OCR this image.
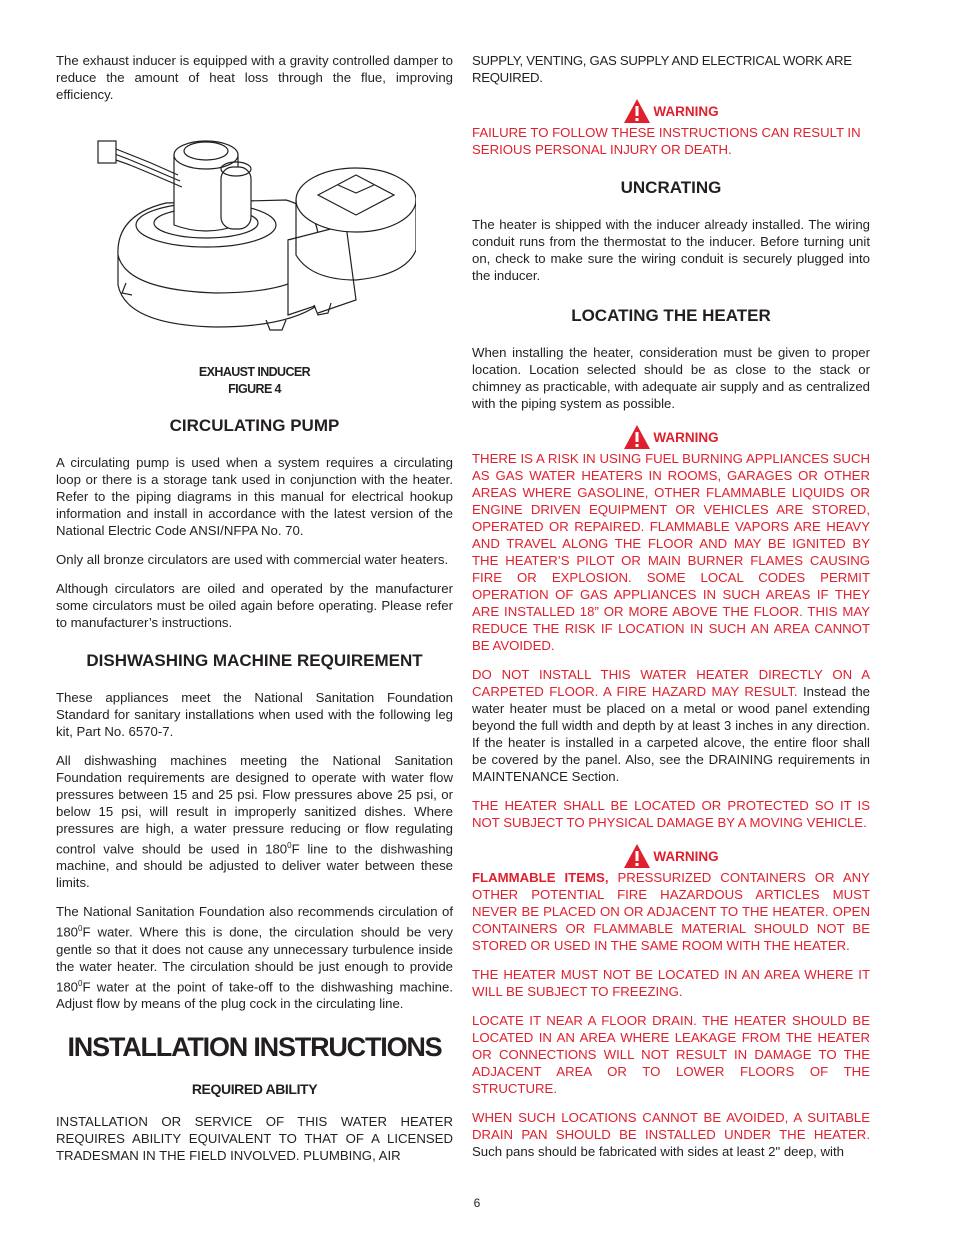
The exhaust inducer is equipped with a gravity controlled damper to reduce the amount of heat loss through the flue, improving efficiency.

EXHAUST INDUCER
FIGURE 4
CIRCULATING PUMP

A circulating pump is used when a system requires a circulating loop or there is a storage tank used in conjunction with the heater. Refer to the piping diagrams in this manual for electrical hookup information and install in accordance with the latest version of the National Electric Code ANSI/NFPA No. 70.

Only all bronze circulators are used with commercial water heaters.

Although circulators are oiled and operated by the manufacturer some circulators must be oiled again before operating. Please refer to manufacturer’s instructions.

DISHWASHING MACHINE REQUIREMENT

These appliances meet the National Sanitation Foundation Standard for sanitary installations when used with the following leg kit, Part No. 6570-7.

All dishwashing machines meeting the National Sanitation Foundation requirements are designed to operate with water flow pressures between 15 and 25 psi. Flow pressures above 25 psi, or below 15 psi, will result in improperly sanitized dishes. Where pressures are high, a water pressure reducing or flow regulating control valve should be used in $180^0F$ line to the dishwashing machine, and should be adjusted to deliver water between these limits.

The National Sanitation Foundation also recommends circulation of $180^0F$ water. Where this is done, the circulation should be very gentle so that it does not cause any unnecessary turbulence inside the water heater. The circulation should be just enough to provide $180^0F$ water at the point of take-off to the dishwashing machine. Adjust flow by means of the plug cock in the circulating line.

INSTALLATION INSTRUCTIONS
REQUIRED ABILITY

INSTALLATION OR SERVICE OF THIS WATER HEATER REQUIRES ABILITY EQUIVALENT TO THAT OF A LICENSED TRADESMAN IN THE FIELD INVOLVED. PLUMBING, AIR

SUPPLY, VENTING, GAS SUPPLY AND ELECTRICAL WORK ARE REQUIRED.

WARNING

FAILURE TO FOLLOW THESE INSTRUCTIONS CAN RESULT IN SERIOUS PERSONAL INJURY OR DEATH.

UNCRATING

The heater is shipped with the inducer already installed. The wiring conduit runs from the thermostat to the inducer. Before turning unit on, check to make sure the wiring conduit is securely plugged into the inducer.

LOCATING THE HEATER

When installing the heater, consideration must be given to proper location. Location selected should be as close to the stack or chimney as practicable, with adequate air supply and as centralized with the piping system as possible.

WARNING

THERE IS A RISK IN USING FUEL BURNING APPLIANCES SUCH AS GAS WATER HEATERS IN ROOMS, GARAGES OR OTHER AREAS WHERE GASOLINE, OTHER FLAMMABLE LIQUIDS OR ENGINE DRIVEN EQUIPMENT OR VEHICLES ARE STORED, OPERATED OR REPAIRED. FLAMMABLE VAPORS ARE HEAVY AND TRAVEL ALONG THE FLOOR AND MAY BE IGNITED BY THE HEATER’S PILOT OR MAIN BURNER FLAMES CAUSING FIRE OR EXPLOSION. SOME LOCAL CODES PERMIT OPERATION OF GAS APPLIANCES IN SUCH AREAS IF THEY ARE INSTALLED 18” OR MORE ABOVE THE FLOOR. THIS MAY REDUCE THE RISK IF LOCATION IN SUCH AN AREA CANNOT BE AVOIDED.

DO NOT INSTALL THIS WATER HEATER DIRECTLY ON A CARPETED FLOOR. A FIRE HAZARD MAY RESULT. Instead the water heater must be placed on a metal or wood panel extending beyond the full width and depth by at least 3 inches in any direction. If the heater is installed in a carpeted alcove, the entire floor shall be covered by the panel. Also, see the DRAINING requirements in MAINTENANCE Section.

THE HEATER SHALL BE LOCATED OR PROTECTED SO IT IS NOT SUBJECT TO PHYSICAL DAMAGE BY A MOVING VEHICLE.

WARNING

FLAMMABLE ITEMS, PRESSURIZED CONTAINERS OR ANY OTHER POTENTIAL FIRE HAZARDOUS ARTICLES MUST NEVER BE PLACED ON OR ADJACENT TO THE HEATER. OPEN CONTAINERS OR FLAMMABLE MATERIAL SHOULD NOT BE STORED OR USED IN THE SAME ROOM WITH THE HEATER.

THE HEATER MUST NOT BE LOCATED IN AN AREA WHERE IT WILL BE SUBJECT TO FREEZING.

LOCATE IT NEAR A FLOOR DRAIN. THE HEATER SHOULD BE LOCATED IN AN AREA WHERE LEAKAGE FROM THE HEATER OR CONNECTIONS WILL NOT RESULT IN DAMAGE TO THE ADJACENT AREA OR TO LOWER FLOORS OF THE STRUCTURE.

WHEN SUCH LOCATIONS CANNOT BE AVOIDED, A SUITABLE DRAIN PAN SHOULD BE INSTALLED UNDER THE HEATER. Such pans should be fabricated with sides at least 2" deep, with

6
